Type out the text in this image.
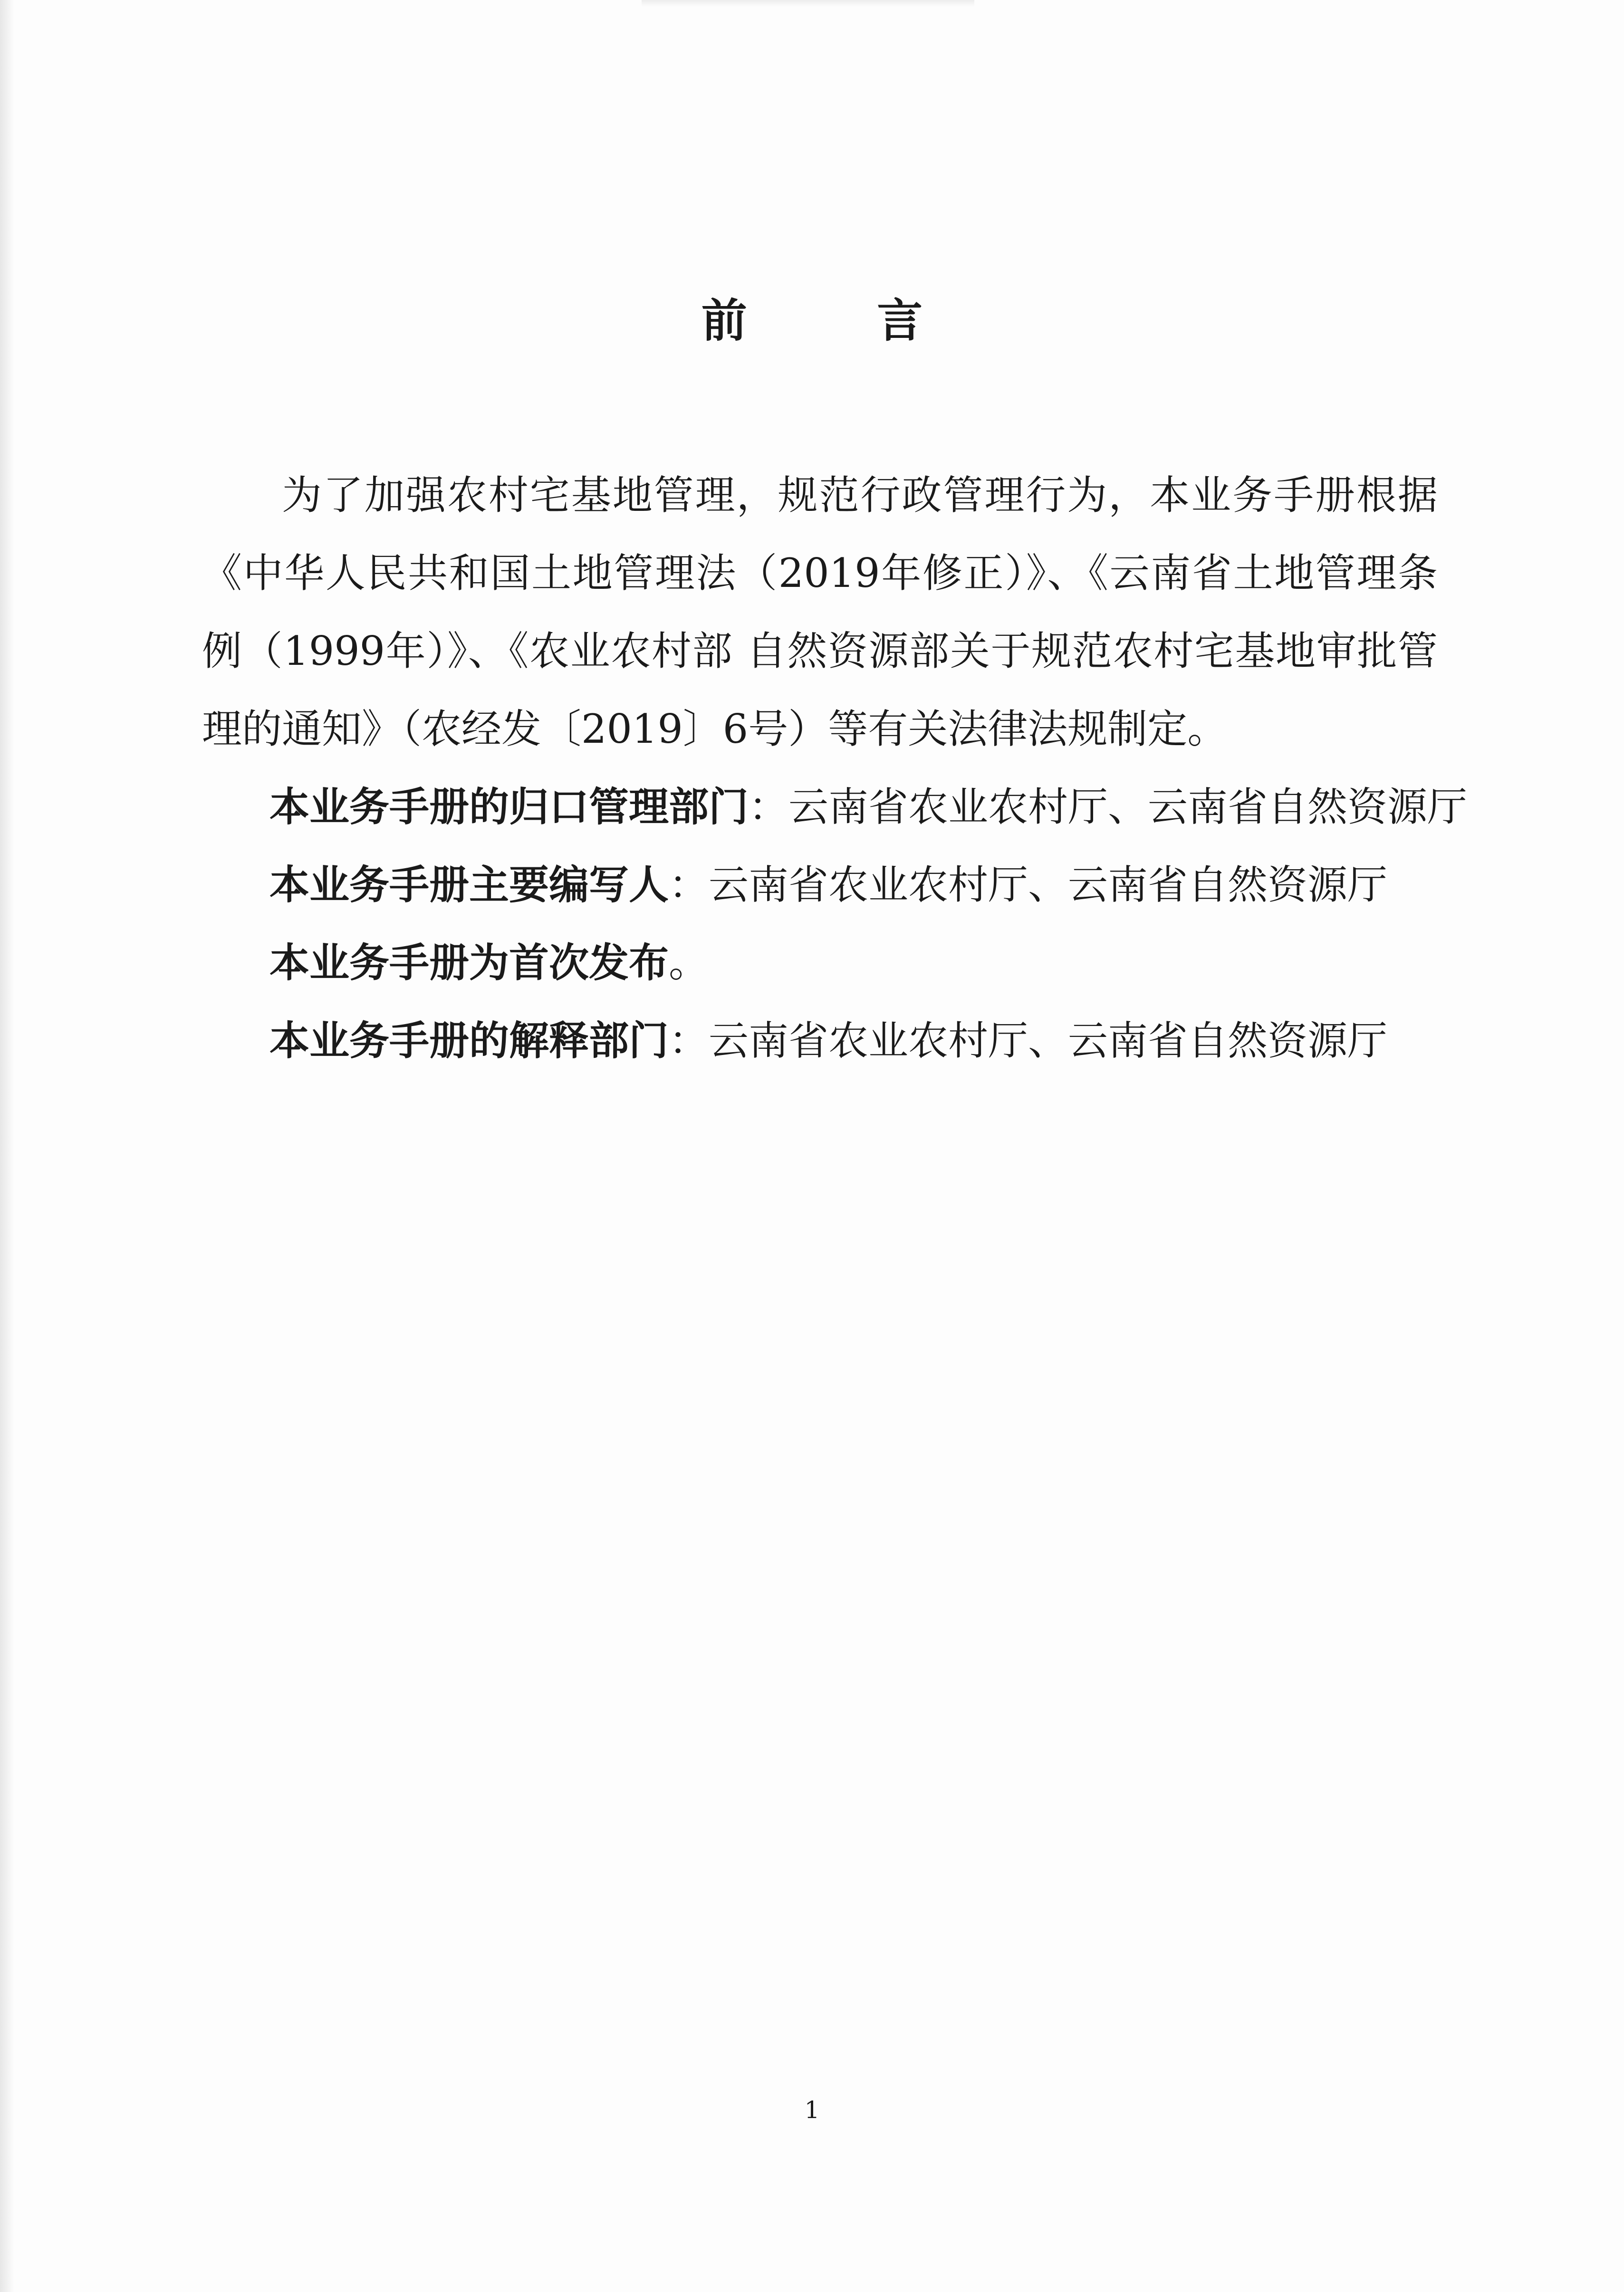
前 言

为了加强农村宅基地管理，规范行政管理行为，本业务手册根据《中华人民共和国土地管理法（2019年修正）》、《云南省土地管理条例（1999年）》、《农业农村部 自然资源部关于规范农村宅基地审批管理的通知》（农经发〔2019〕6号）等有关法律法规制定。

本业务手册的归口管理部门：云南省农业农村厅、云南省自然资源厅

本业务手册主要编写人：云南省农业农村厅、云南省自然资源厅

本业务手册为首次发布。

本业务手册的解释部门：云南省农业农村厅、云南省自然资源厅

1
